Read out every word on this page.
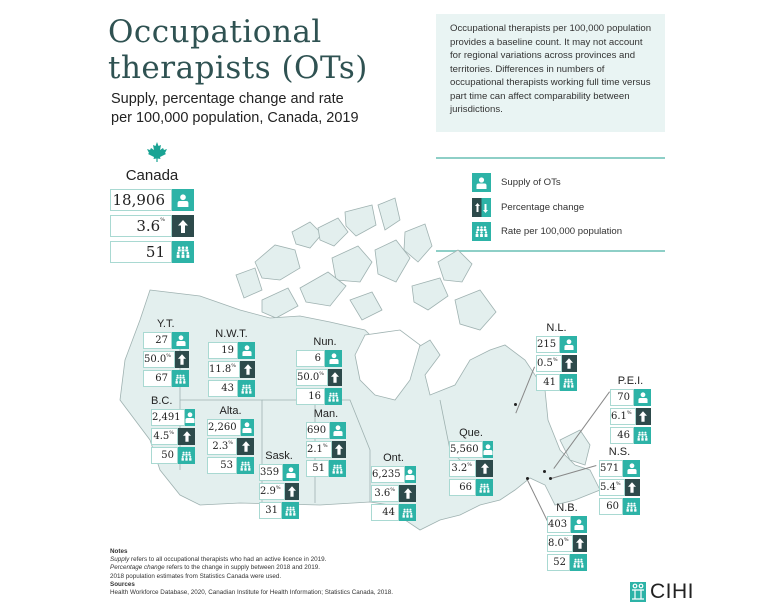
Occupational
therapists (OTs)
Supply, percentage change and rate
per 100,000 population, Canada, 2019
Occupational therapists per 100,000 population provides a baseline count. It may not account for regional variations across provinces and territories. Differences in numbers of occupational therapists working full time versus part time can affect comparability between jurisdictions.
Supply of OTs
Percentage change
Rate per 100,000 population
Canada
18,906
3.6%
51
Y.T.
27
50.0%
67
N.W.T.
19
11.8%
43
Nun.
6
50.0%
16
B.C.
2,491
4.5%
50
Alta.
2,260
2.3%
53
Sask.
359
2.9%
31
Man.
690
2.1%
51
Ont.
6,235
3.6%
44
Que.
5,560
3.2%
66
N.L.
215
0.5%
41	P.E.I.
70
6.1%
46
N.S.
571
5.4%
60
N.B.
403
8.0%
52
Notes
Supply refers to all occupational therapists who had an active licence in 2019.
Percentage change refers to the change in supply between 2018 and 2019.
2018 population estimates from Statistics Canada were used.
Sources
Health Workforce Database, 2020, Canadian Institute for Health Information; Statistics Canada, 2018.	CIHI
